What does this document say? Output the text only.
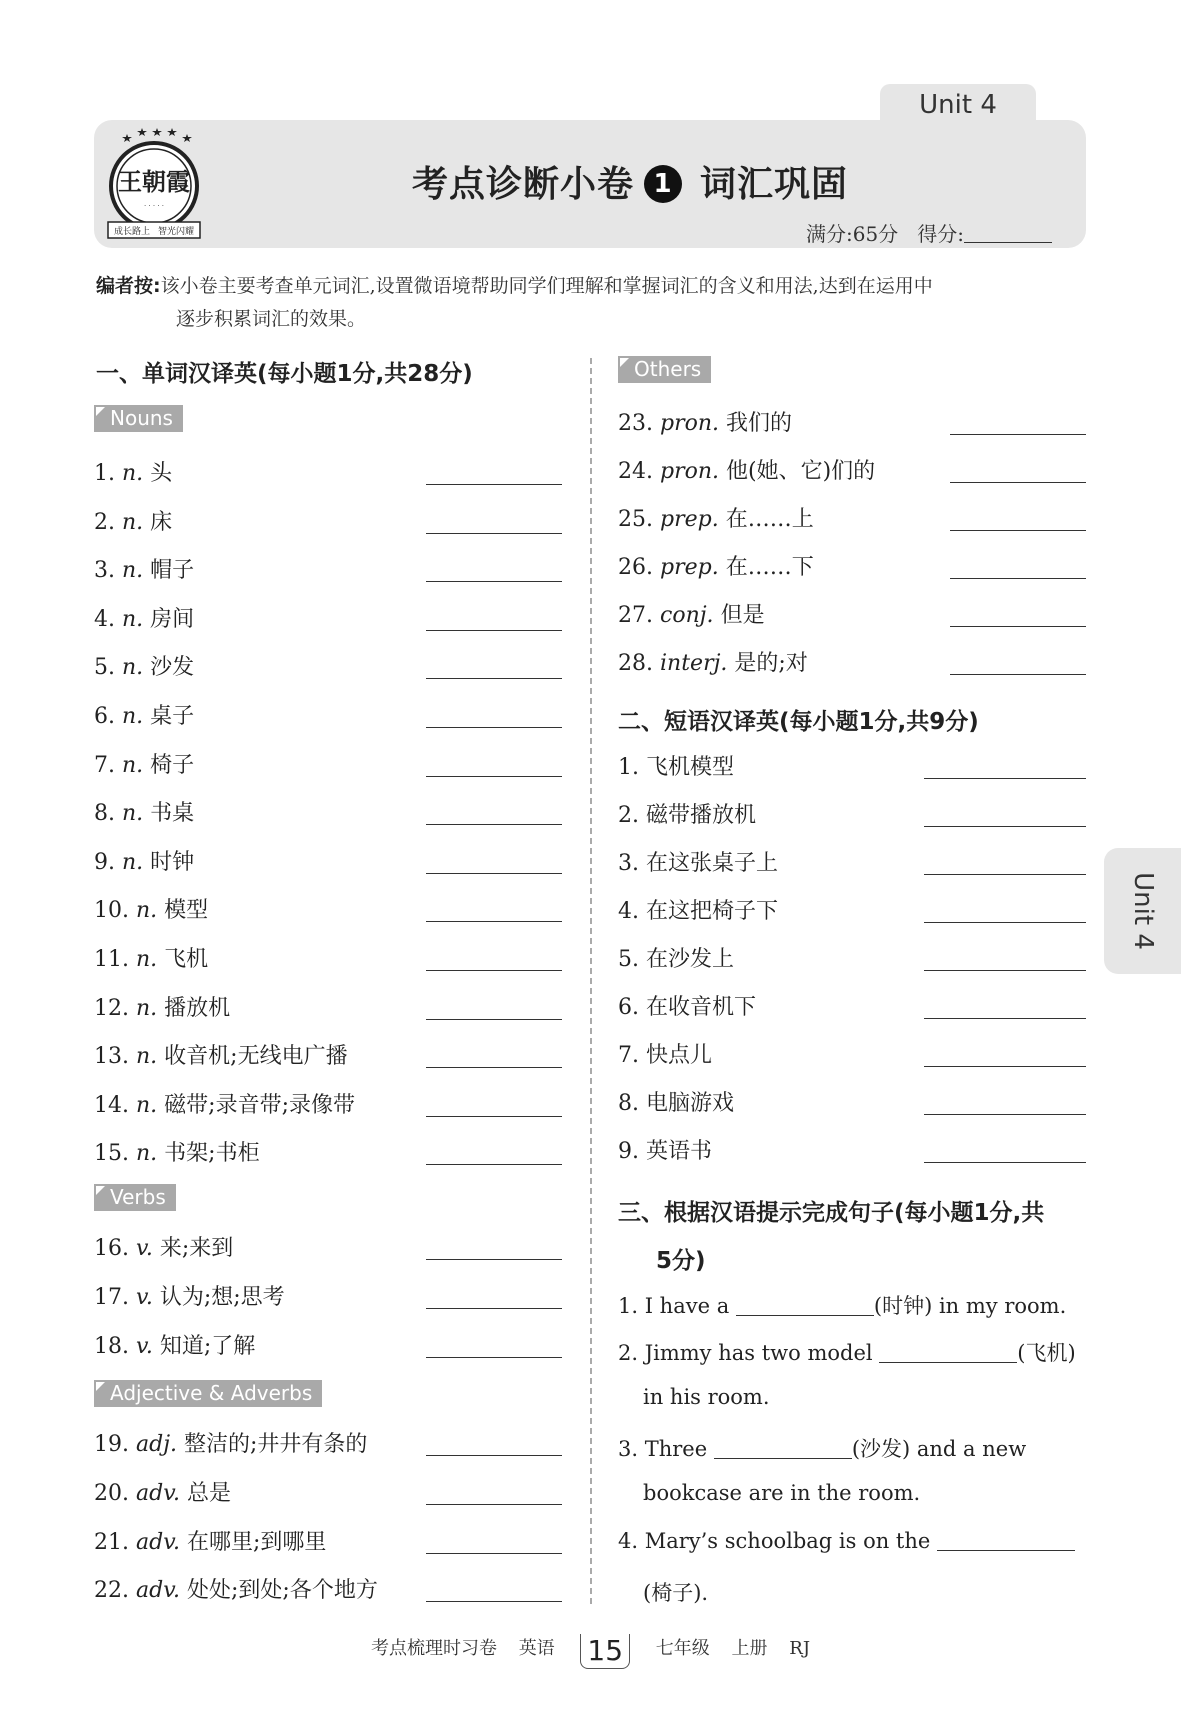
Unit 4
王朝霞
· · · · ·
成长路上 智光闪耀
考点诊断小卷 1 词汇巩固
满分:65分 得分:
编者按:该小卷主要考查单元词汇,设置微语境帮助同学们理解和掌握词汇的含义和用法,达到在运用中
逐步积累词汇的效果。
一、单词汉译英(每小题1分,共28分)
Nouns
Verbs
Adjective & Adverbs
Others
1. n. 头
2. n. 床
3. n. 帽子
4. n. 房间
5. n. 沙发
6. n. 桌子
7. n. 椅子
8. n. 书桌
9. n. 时钟
10. n. 模型
11. n. 飞机
12. n. 播放机
13. n. 收音机;无线电广播
14. n. 磁带;录音带;录像带
15. n. 书架;书柜
16. v. 来;来到
17. v. 认为;想;思考
18. v. 知道;了解
19. adj. 整洁的;井井有条的
20. adv. 总是
21. adv. 在哪里;到哪里
22. adv. 处处;到处;各个地方
23. pron. 我们的
24. pron. 他(她、它)们的
25. prep. 在……上
26. prep. 在……下
27. conj. 但是
28. interj. 是的;对
二、短语汉译英(每小题1分,共9分)
1. 飞机模型
2. 磁带播放机
3. 在这张桌子上
4. 在这把椅子下
5. 在沙发上
6. 在收音机下
7. 快点儿
8. 电脑游戏
9. 英语书
三、根据汉语提示完成句子(每小题1分,共
5分)
1. I have a	(时钟) in my room.
2. Jimmy has two model	(飞机)
in his room.
3. Three	(沙发) and a new
bookcase are in the room.
4. Mary’s schoolbag is on the
(椅子).
Unit 4
考点梳理时习卷 英语 15 七年级 上册 RJ
